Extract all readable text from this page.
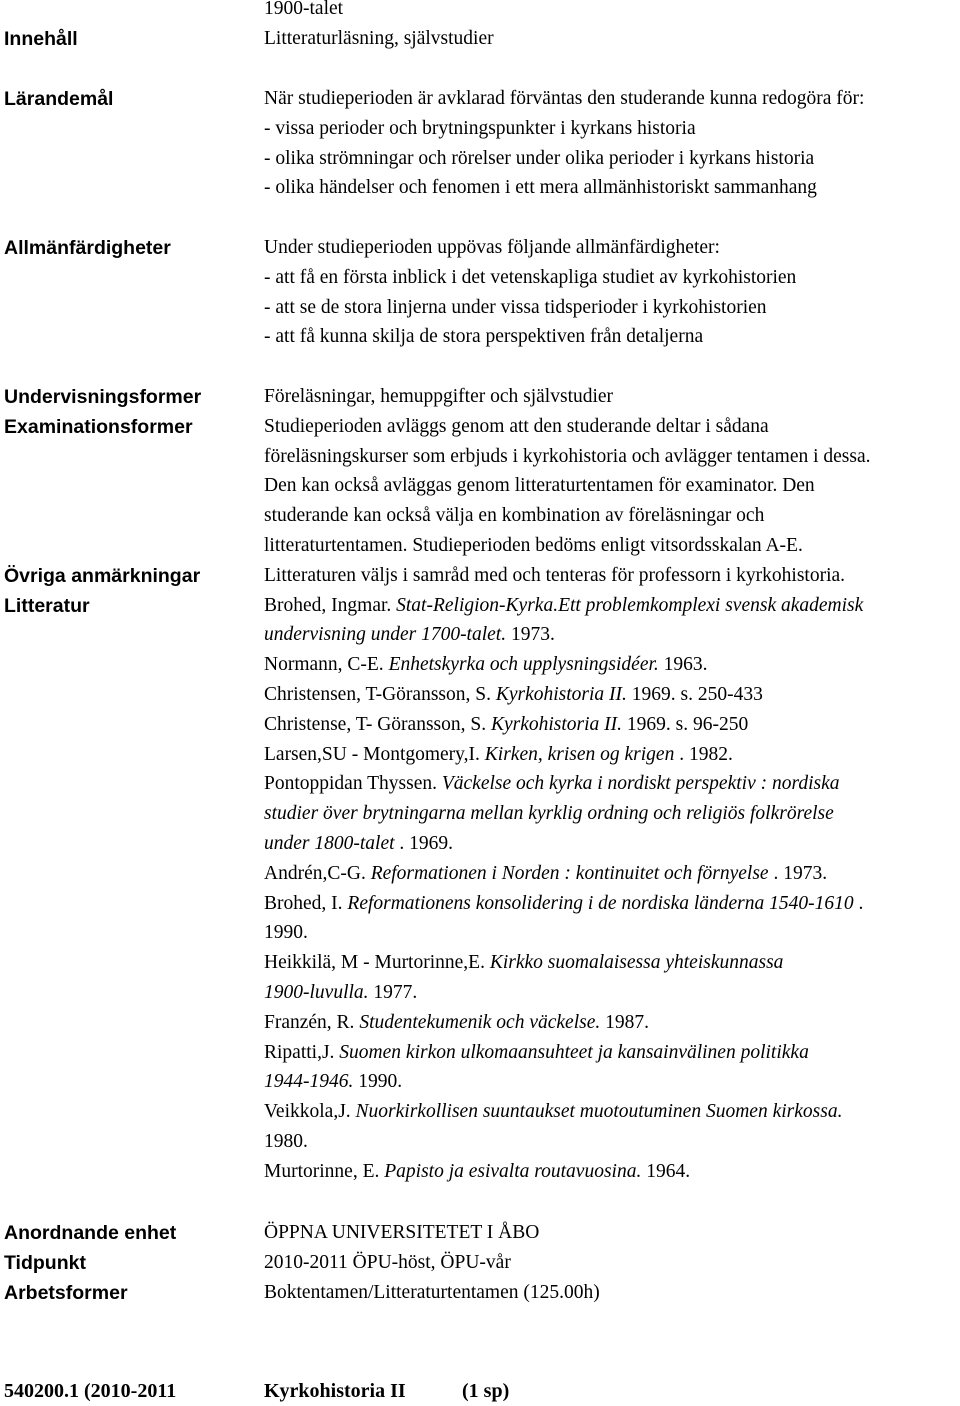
Innehåll
Lärandemål
Allmänfärdigheter
Undervisningsformer
Examinationsformer
Övriga anmärkningar
Litteratur
Anordnande enhet
Tidpunkt
Arbetsformer
1900-talet
Litteraturläsning, självstudier
När studieperioden är avklarad förväntas den studerande kunna redogöra för:
- vissa perioder och brytningspunkter i kyrkans historia
- olika strömningar och rörelser under olika perioder i kyrkans historia
- olika händelser och fenomen i ett mera allmänhistoriskt sammanhang
Under studieperioden uppövas följande allmänfärdigheter:
- att få en första inblick i det vetenskapliga studiet av kyrkohistorien
- att se de stora linjerna under vissa tidsperioder i kyrkohistorien
- att få kunna skilja de stora perspektiven från detaljerna
Föreläsningar, hemuppgifter och självstudier
Studieperioden avläggs genom att den studerande deltar i sådana
föreläsningskurser som erbjuds i kyrkohistoria och avlägger tentamen i dessa.
Den kan också avläggas genom litteraturtentamen för examinator. Den
studerande kan också välja en kombination av föreläsningar och
litteraturtentamen. Studieperioden bedöms enligt vitsordsskalan A-E.
Litteraturen väljs i samråd med och tenteras för professorn i kyrkohistoria.
Brohed, Ingmar. Stat-Religion-Kyrka.Ett problemkomplexi svensk akademisk
undervisning under 1700-talet. 1973.
Normann, C-E. Enhetskyrka och upplysningsidéer. 1963.
Christensen, T-Göransson, S. Kyrkohistoria II. 1969. s. 250-433
Christense, T- Göransson, S. Kyrkohistoria II. 1969. s. 96-250
Larsen,SU - Montgomery,I. Kirken, krisen og krigen . 1982.
Pontoppidan Thyssen. Väckelse och kyrka i nordiskt perspektiv : nordiska
studier över brytningarna mellan kyrklig ordning och religiös folkrörelse
under 1800-talet . 1969.
Andrén,C-G. Reformationen i Norden : kontinuitet och förnyelse . 1973.
Brohed, I. Reformationens konsolidering i de nordiska länderna 1540-1610 .
1990.
Heikkilä, M - Murtorinne,E. Kirkko suomalaisessa yhteiskunnassa
1900-luvulla. 1977.
Franzén, R. Studentekumenik och väckelse. 1987.
Ripatti,J. Suomen kirkon ulkomaansuhteet ja kansainvälinen politikka
1944-1946. 1990.
Veikkola,J. Nuorkirkollisen suuntaukset muotoutuminen Suomen kirkossa.
1980.
Murtorinne, E. Papisto ja esivalta routavuosina. 1964.
ÖPPNA UNIVERSITETET I ÅBO
2010-2011 ÖPU-höst, ÖPU-vår
Boktentamen/Litteraturtentamen (125.00h)
540200.1 (2010-2011	Kyrkohistoria II	(1 sp)
